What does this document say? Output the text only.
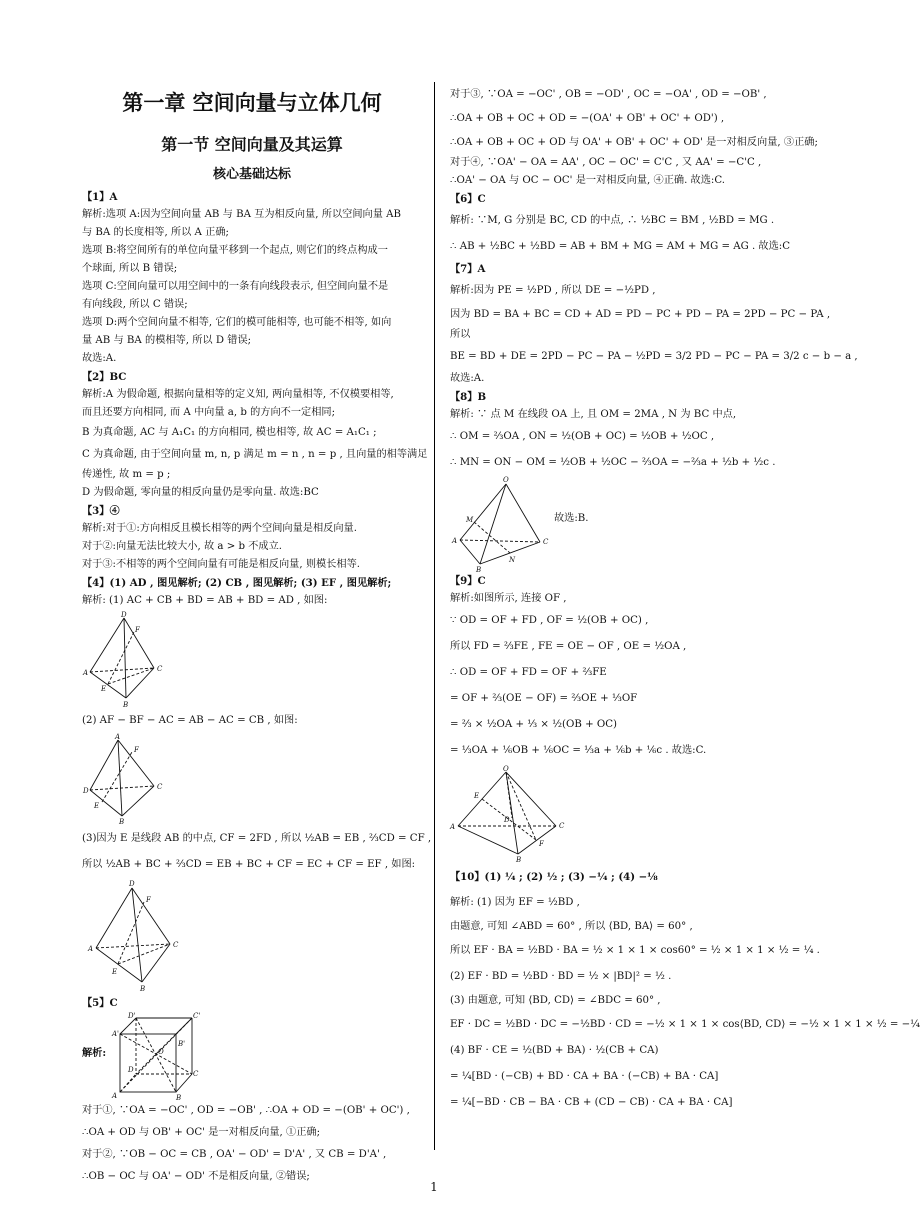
第一章 空间向量与立体几何
第一节 空间向量及其运算
核心基础达标
【1】A
解析:选项 A:因为空间向量 AB 与 BA 互为相反向量, 所以空间向量 AB
与 BA 的长度相等, 所以 A 正确;
选项 B:将空间所有的单位向量平移到一个起点, 则它们的终点构成一
个球面, 所以 B 错误;
选项 C:空间向量可以用空间中的一条有向线段表示, 但空间向量不是
有向线段, 所以 C 错误;
选项 D:两个空间向量不相等, 它们的模可能相等, 也可能不相等, 如向
量 AB 与 BA 的模相等, 所以 D 错误;
故选:A.
【2】BC
解析:A 为假命题, 根据向量相等的定义知, 两向量相等, 不仅模要相等,
而且还要方向相同, 而 A 中向量 a, b 的方向不一定相同;
B 为真命题, AC 与 A₁C₁ 的方向相同, 模也相等, 故 AC = A₁C₁ ;
C 为真命题, 由于空间向量 m, n, p 满足 m = n , n = p , 且向量的相等满足
传递性, 故 m = p ;
D 为假命题, 零向量的相反向量仍是零向量. 故选:BC
【3】④
解析:对于①:方向相反且模长相等的两个空间向量是相反向量.
对于②:向量无法比较大小, 故 a > b 不成立.
对于③:不相等的两个空间向量有可能是相反向量, 则模长相等.
【4】(1) AD , 图见解析; (2) CB , 图见解析; (3) EF , 图见解析;
解析: (1) AC + CB + BD = AB + BD = AD , 如图:
D
F
A
E
C
B
(2) AF − BF − AC = AB − AC = CB , 如图:
A
F
D
E
C
B
(3)因为 E 是线段 AB 的中点, CF = 2FD , 所以 ½AB = EB , ⅔CD = CF ,
所以 ½AB + BC + ⅔CD = EB + BC + CF = EC + CF = EF , 如图:
D
F
A	C
E
B
【5】C
解析:
D'	C'
A'
B'
O
D	C
A	B
对于①, ∵OA = −OC' , OD = −OB' , ∴OA + OD = −(OB' + OC') ,
∴OA + OD 与 OB' + OC' 是一对相反向量, ①正确;
对于②, ∵OB − OC = CB , OA' − OD' = D'A' , 又 CB = D'A' ,
∴OB − OC 与 OA' − OD' 不是相反向量, ②错误;
对于③, ∵OA = −OC' , OB = −OD' , OC = −OA' , OD = −OB' ,
∴OA + OB + OC + OD = −(OA' + OB' + OC' + OD') ,
∴OA + OB + OC + OD 与 OA' + OB' + OC' + OD' 是一对相反向量, ③正确;
对于④, ∵OA' − OA = AA' , OC − OC' = C'C , 又 AA' = −C'C ,
∴OA' − OA 与 OC − OC' 是一对相反向量, ④正确. 故选:C.
【6】C
解析: ∵M, G 分别是 BC, CD 的中点, ∴ ½BC = BM , ½BD = MG .
∴ AB + ½BC + ½BD = AB + BM + MG = AM + MG = AG . 故选:C
【7】A
解析:因为 PE = ½PD , 所以 DE = −½PD ,
因为 BD = BA + BC = CD + AD = PD − PC + PD − PA = 2PD − PC − PA ,
所以
BE = BD + DE = 2PD − PC − PA − ½PD = 3/2 PD − PC − PA = 3/2 c − b − a ,
故选:A.
【8】B
解析: ∵ 点 M 在线段 OA 上, 且 OM = 2MA , N 为 BC 中点,
∴ OM = ⅔OA , ON = ½(OB + OC) = ½OB + ½OC ,
∴ MN = ON − OM = ½OB + ½OC − ⅔OA = −⅔a + ½b + ½c .
O
M
A	C
N
B
故选:B.
【9】C
解析:如图所示, 连接 OF ,
∵ OD = OF + FD , OF = ½(OB + OC) ,
所以 FD = ⅔FE , FE = OE − OF , OE = ½OA ,
∴ OD = OF + FD = OF + ⅔FE
= OF + ⅔(OE − OF) = ⅔OE + ⅓OF
= ⅔ × ½OA + ⅓ × ½(OB + OC)
= ⅓OA + ⅙OB + ⅙OC = ⅓a + ⅙b + ⅙c . 故选:C.
O
E
A
D
C
F
B
【10】(1) ¼ ; (2) ½ ; (3) −¼ ; (4) −⅛
解析: (1) 因为 EF = ½BD ,
由题意, 可知 ∠ABD = 60° , 所以 ⟨BD, BA⟩ = 60° ,
所以 EF · BA = ½BD · BA = ½ × 1 × 1 × cos60° = ½ × 1 × 1 × ½ = ¼ .
(2) EF · BD = ½BD · BD = ½ × |BD|² = ½ .
(3) 由题意, 可知 ⟨BD, CD⟩ = ∠BDC = 60° ,
EF · DC = ½BD · DC = −½BD · CD = −½ × 1 × 1 × cos⟨BD, CD⟩ = −½ × 1 × 1 × ½ = −¼
(4) BF · CE = ½(BD + BA) · ½(CB + CA)
= ¼[BD · (−CB) + BD · CA + BA · (−CB) + BA · CA]
= ¼[−BD · CB − BA · CB + (CD − CB) · CA + BA · CA]
1
